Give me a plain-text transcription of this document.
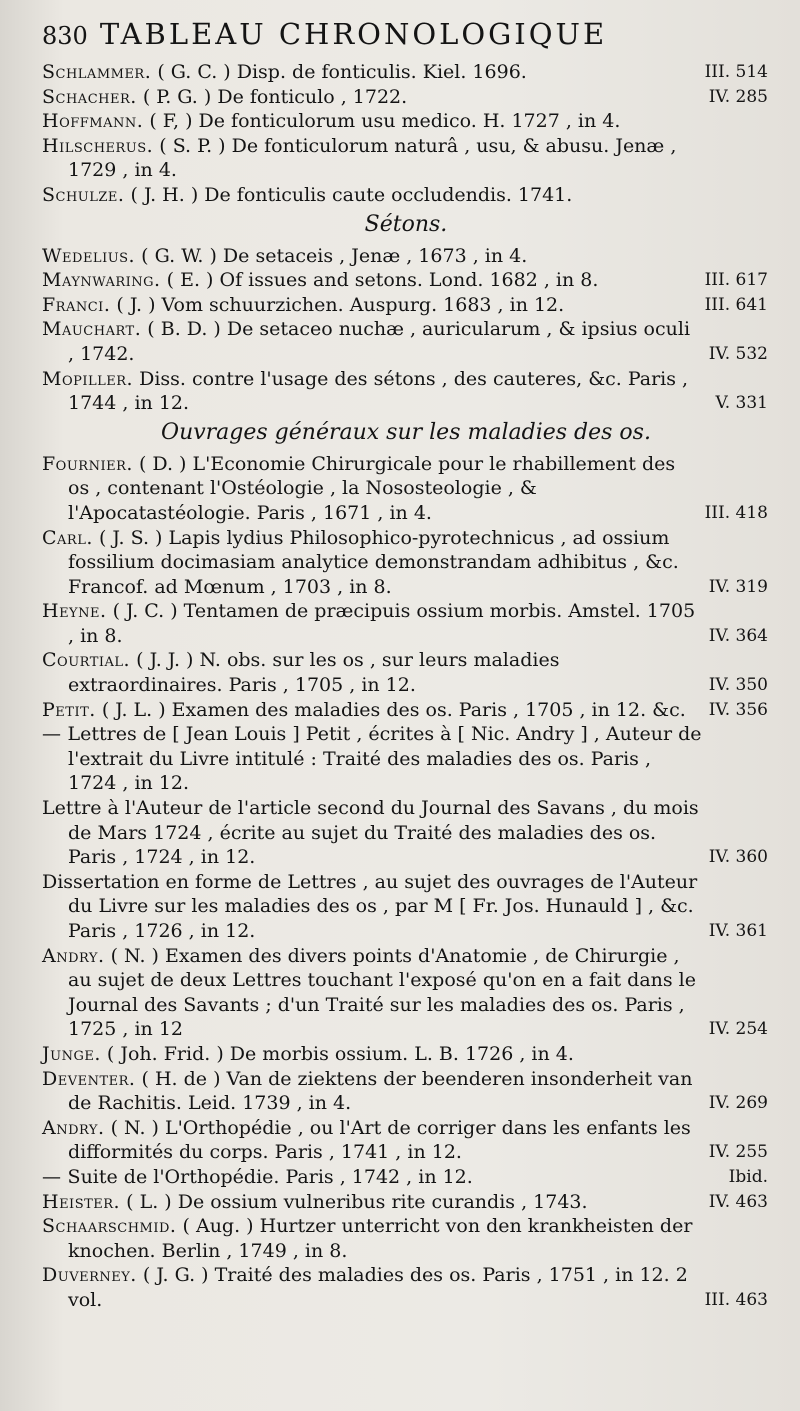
830 TABLEAU CHRONOLOGIQUE
Schlammer. ( G. C. ) Disp. de fonticulis. Kiel. 1696.	III. 514
Schacher. ( P. G. ) De fonticulo , 1722.	IV. 285
Hoffmann. ( F, ) De fonticulorum usu medico. H. 1727 , in 4.
Hilscherus. ( S. P. ) De fonticulorum naturâ , usu, & abusu. Jenæ , 1729 , in 4.
Schulze. ( J. H. ) De fonticulis caute occludendis. 1741.
Sétons.
Wedelius. ( G. W. ) De setaceis , Jenæ , 1673 , in 4.
Maynwaring. ( E. ) Of issues and setons. Lond. 1682 , in 8.	III. 617
Franci. ( J. ) Vom schuurzichen. Auspurg. 1683 , in 12.	III. 641
Mauchart. ( B. D. ) De setaceo nuchæ , auricularum , & ipsius oculi , 1742.	IV. 532
Mopiller. Diss. contre l'usage des sétons , des cauteres, &c. Paris , 1744 , in 12.	V. 331
Ouvrages généraux sur les maladies des os.
Fournier. ( D. ) L'Economie Chirurgicale pour le rhabillement des os , contenant l'Ostéologie , la Nososteologie , & l'Apocatastéologie. Paris , 1671 , in 4.	III. 418
Carl. ( J. S. ) Lapis lydius Philosophico-pyrotechnicus , ad ossium fossilium docimasiam analytice demonstrandam adhibitus , &c. Francof. ad Mœnum , 1703 , in 8.	IV. 319
Heyne. ( J. C. ) Tentamen de præcipuis ossium morbis. Amstel. 1705 , in 8.	IV. 364
Courtial. ( J. J. ) N. obs. sur les os , sur leurs maladies extraordinaires. Paris , 1705 , in 12.	IV. 350
Petit. ( J. L. ) Examen des maladies des os. Paris , 1705 , in 12. &c.	IV. 356
— Lettres de [ Jean Louis ] Petit , écrites à [ Nic. Andry ] , Auteur de l'extrait du Livre intitulé : Traité des maladies des os. Paris , 1724 , in 12.
Lettre à l'Auteur de l'article second du Journal des Savans , du mois de Mars 1724 , écrite au sujet du Traité des maladies des os. Paris , 1724 , in 12.	IV. 360
Dissertation en forme de Lettres , au sujet des ouvrages de l'Auteur du Livre sur les maladies des os , par M [ Fr. Jos. Hunauld ] , &c. Paris , 1726 , in 12.	IV. 361
Andry. ( N. ) Examen des divers points d'Anatomie , de Chirurgie , au sujet de deux Lettres touchant l'exposé qu'on en a fait dans le Journal des Savants ; d'un Traité sur les maladies des os. Paris , 1725 , in 12	IV. 254
Junge. ( Joh. Frid. ) De morbis ossium. L. B. 1726 , in 4.
Deventer. ( H. de ) Van de ziektens der beenderen insonderheit van de Rachitis. Leid. 1739 , in 4.	IV. 269
Andry. ( N. ) L'Orthopédie , ou l'Art de corriger dans les enfants les difformités du corps. Paris , 1741 , in 12.	IV. 255
— Suite de l'Orthopédie. Paris , 1742 , in 12.	Ibid.
Heister. ( L. ) De ossium vulneribus rite curandis , 1743.	IV. 463
Schaarschmid. ( Aug. ) Hurtzer unterricht von den krankheisten der knochen. Berlin , 1749 , in 8.
Duverney. ( J. G. ) Traité des maladies des os. Paris , 1751 , in 12. 2 vol.	III. 463
